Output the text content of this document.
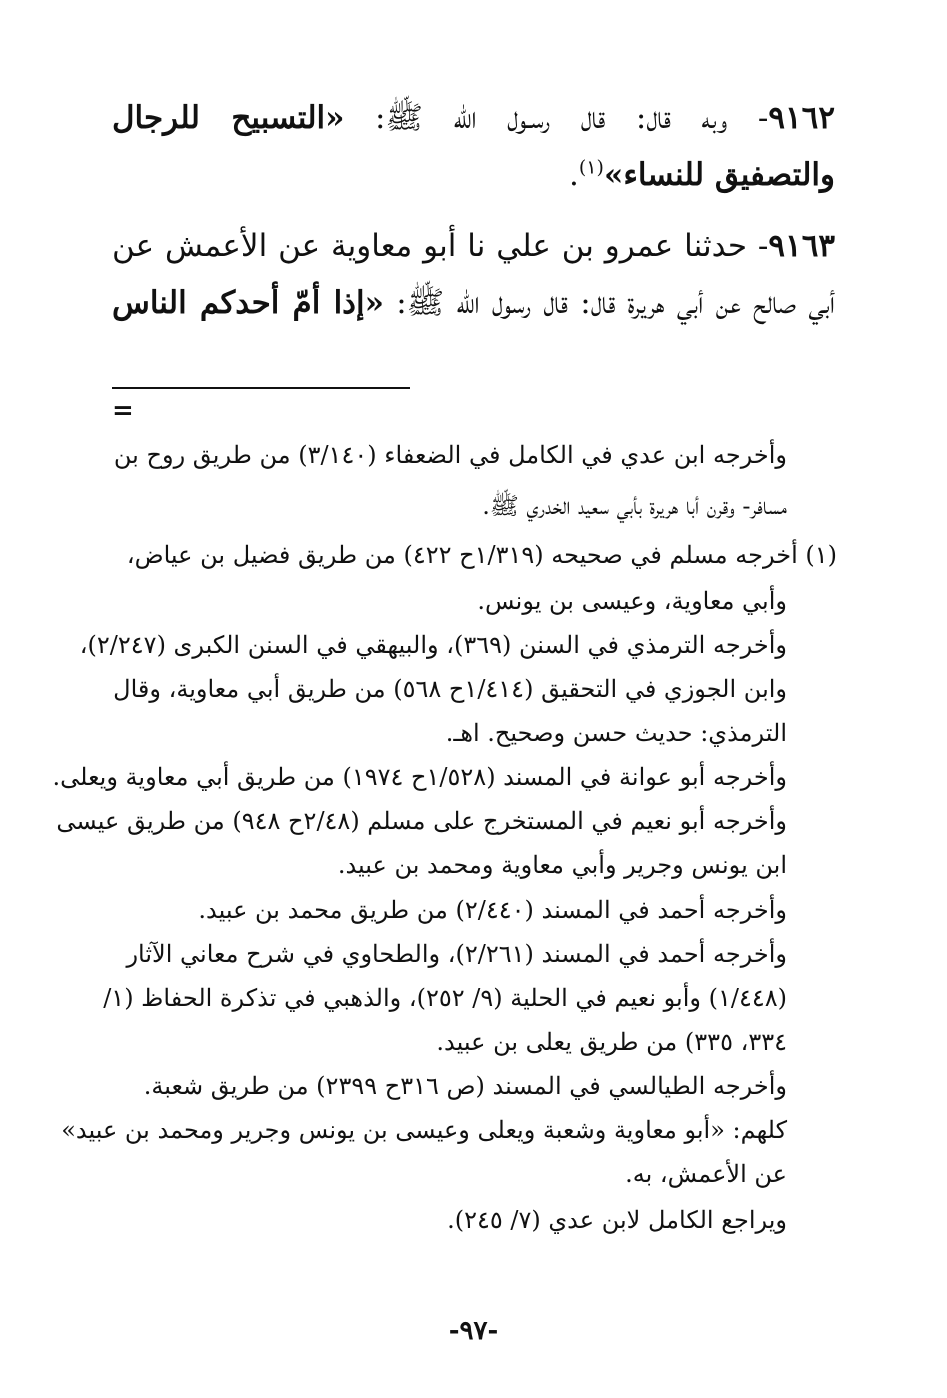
٩١٦٢- وبه قال: قال رسـول الله ﷺ: «التسبيح للرجال
والتصفيق للنساء»$^{(١)}$.
٩١٦٣- حدثنا عمرو بن علي نا أبو معاوية عن الأعمش عن
أبي صالح عن أبي هريرة قال: قال رسول الله ﷺ: «إذا أمّ أحدكم الناس
=
وأخرجه ابن عدي في الكامل في الضعفاء (٣/١٤٠) من طريق روح بن
مسافر- وقرن أبا هريرة بأبي سعيد الخدري ﷺ.
(١) أخرجه مسلم في صحيحه (١/٣١٩ح ٤٢٢) من طريق فضيل بن عياض،
وأبي معاوية، وعيسى بن يونس.
وأخرجه الترمذي في السنن (٣٦٩)، والبيهقي في السنن الكبرى (٢/٢٤٧)،
وابن الجوزي في التحقيق (١/٤١٤ح ٥٦٨) من طريق أبي معاوية، وقال
الترمذي: حديث حسن وصحيح. اهـ.
وأخرجه أبو عوانة في المسند (١/٥٢٨ح ١٩٧٤) من طريق أبي معاوية ويعلى.
وأخرجه أبو نعيم في المستخرج على مسلم (٢/٤٨ح ٩٤٨) من طريق عيسى
ابن يونس وجرير وأبي معاوية ومحمد بن عبيد.
وأخرجه أحمد في المسند (٢/٤٤٠) من طريق محمد بن عبيد.
وأخرجه أحمد في المسند (٢/٢٦١)، والطحاوي في شرح معاني الآثار
(١/٤٤٨) وأبو نعيم في الحلية (٩/ ٢٥٢)، والذهبي في تذكرة الحفاظ (١/
٣٣٤، ٣٣٥) من طريق يعلى بن عبيد.
وأخرجه الطيالسي في المسند (ص ٣١٦ح ٢٣٩٩) من طريق شعبة.
كلهم: «أبو معاوية وشعبة ويعلى وعيسى بن يونس وجرير ومحمد بن عبيد»
عن الأعمش، به.
ويراجع الكامل لابن عدي (٧/ ٢٤٥).
-٩٧-
